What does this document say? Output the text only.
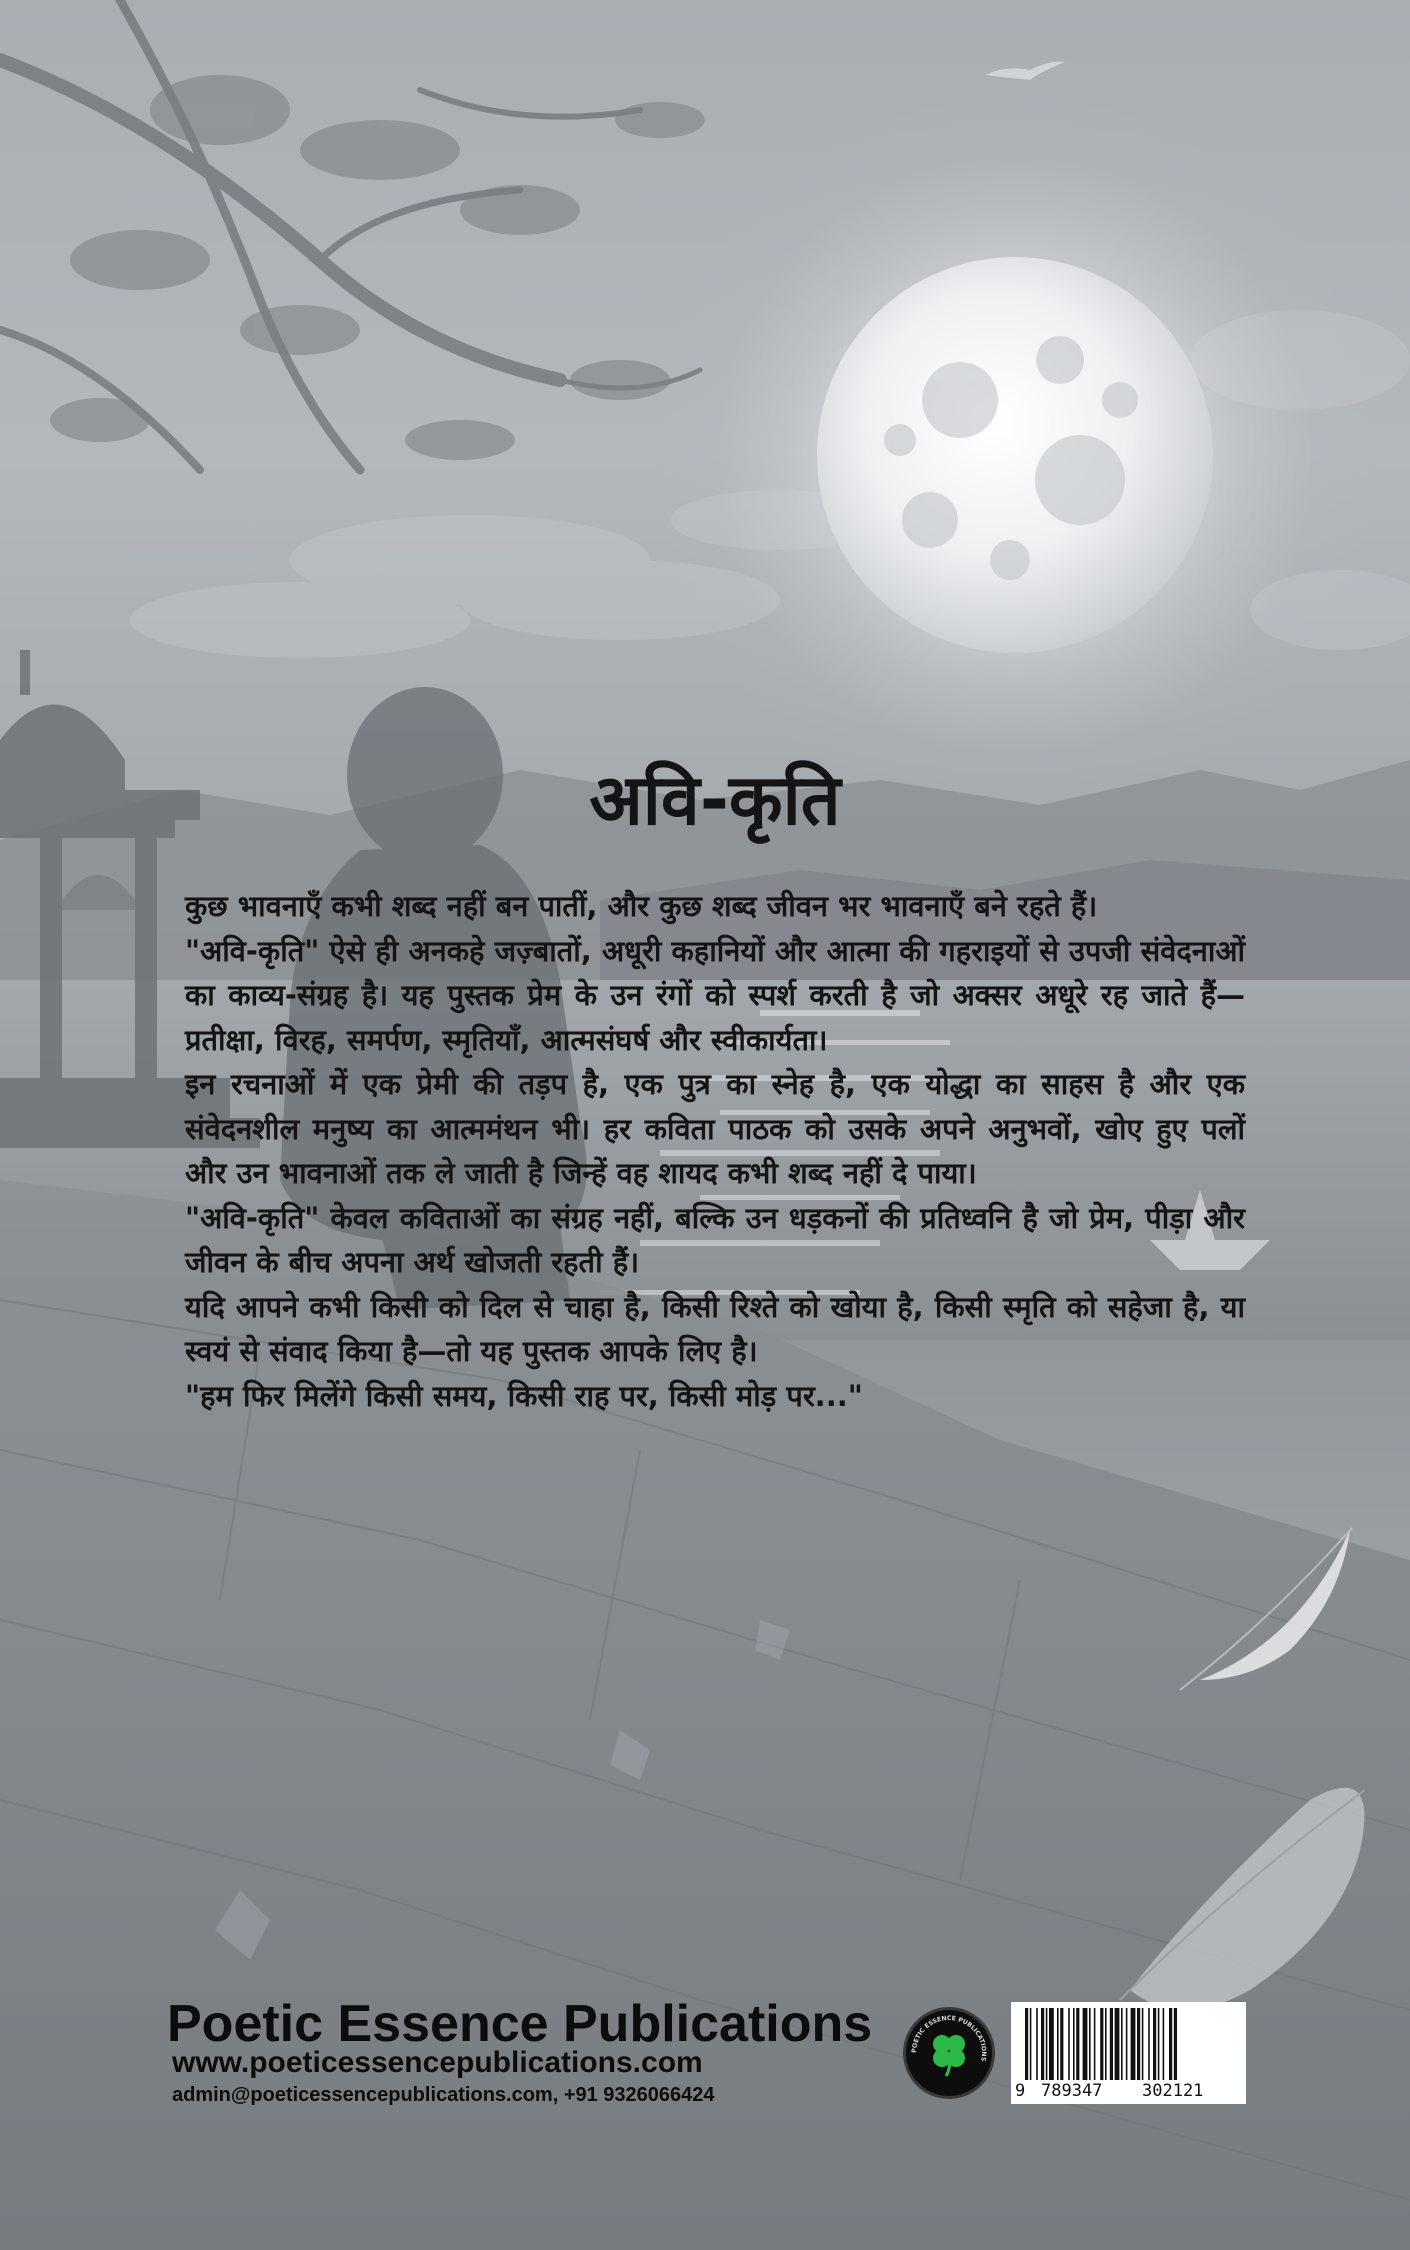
अवि-कृति

कुछ भावनाएँ कभी शब्द नहीं बन पातीं, और कुछ शब्द जीवन भर भावनाएँ बने रहते हैं।

"अवि-कृति" ऐसे ही अनकहे जज़्बातों, अधूरी कहानियों और आत्मा की गहराइयों से उपजी संवेदनाओं का काव्य-संग्रह है। यह पुस्तक प्रेम के उन रंगों को स्पर्श करती है जो अक्सर अधूरे रह जाते हैं—प्रतीक्षा, विरह, समर्पण, स्मृतियाँ, आत्मसंघर्ष और स्वीकार्यता।

इन रचनाओं में एक प्रेमी की तड़प है, एक पुत्र का स्नेह है, एक योद्धा का साहस है और एक संवेदनशील मनुष्य का आत्ममंथन भी। हर कविता पाठक को उसके अपने अनुभवों, खोए हुए पलों और उन भावनाओं तक ले जाती है जिन्हें वह शायद कभी शब्द नहीं दे पाया।

"अवि-कृति" केवल कविताओं का संग्रह नहीं, बल्कि उन धड़कनों की प्रतिध्वनि है जो प्रेम, पीड़ा और जीवन के बीच अपना अर्थ खोजती रहती हैं।

यदि आपने कभी किसी को दिल से चाहा है, किसी रिश्ते को खोया है, किसी स्मृति को सहेजा है, या स्वयं से संवाद किया है—तो यह पुस्तक आपके लिए है।

"हम फिर मिलेंगे किसी समय, किसी राह पर, किसी मोड़ पर..."

Poetic Essence Publications
www.poeticessencepublications.com
admin@poeticessencepublications.com, +91 9326066424
POETIC ESSENCE PUBLICATIONS
9 789347 302121
